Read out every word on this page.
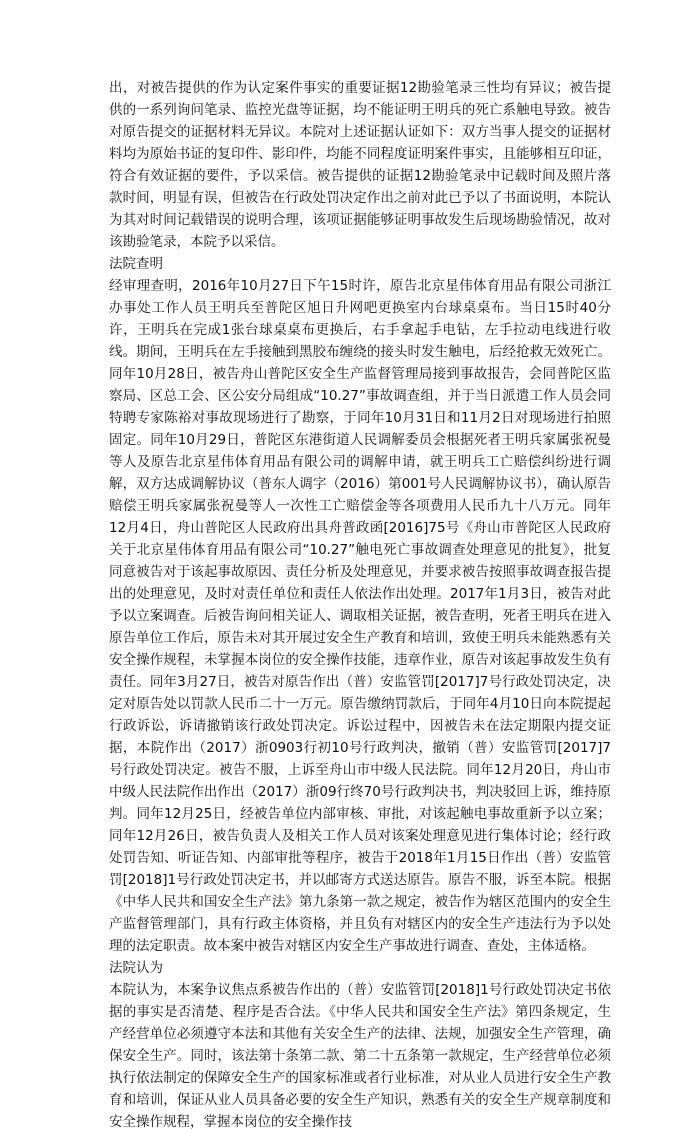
出，对被告提供的作为认定案件事实的重要证据12勘验笔录三性均有异议；被告提供的一系列询问笔录、监控光盘等证据，均不能证明王明兵的死亡系触电导致。被告对原告提交的证据材料无异议。本院对上述证据认证如下：双方当事人提交的证据材料均为原始书证的复印件、影印件，均能不同程度证明案件事实，且能够相互印证，符合有效证据的要件，予以采信。被告提供的证据12勘验笔录中记载时间及照片落款时间，明显有误，但被告在行政处罚决定作出之前对此已予以了书面说明，本院认为其对时间记载错误的说明合理，该项证据能够证明事故发生后现场勘验情况，故对该勘验笔录，本院予以采信。

法院查明

经审理查明，2016年10月27日下午15时许，原告北京星伟体育用品有限公司浙江办事处工作人员王明兵至普陀区旭日升网吧更换室内台球桌桌布。当日15时40分许，王明兵在完成1张台球桌桌布更换后，右手拿起手电钻，左手拉动电线进行收线。期间，王明兵在左手接触到黑胶布缠绕的接头时发生触电，后经抢救无效死亡。同年10月28日，被告舟山普陀区安全生产监督管理局接到事故报告，会同普陀区监察局、区总工会、区公安分局组成“10.27”事故调查组，并于当日派遣工作人员会同特聘专家陈裕对事故现场进行了勘察，于同年10月31日和11月2日对现场进行拍照固定。同年10月29日，普陀区东港街道人民调解委员会根据死者王明兵家属张祝曼等人及原告北京星伟体育用品有限公司的调解申请，就王明兵工亡赔偿纠纷进行调解，双方达成调解协议（普东人调字（2016）第001号人民调解协议书），确认原告赔偿王明兵家属张祝曼等人一次性工亡赔偿金等各项费用人民币九十八万元。同年12月4日，舟山普陀区人民政府出具舟普政函[2016]75号《舟山市普陀区人民政府关于北京星伟体育用品有限公司“10.27”触电死亡事故调查处理意见的批复》，批复同意被告对于该起事故原因、责任分析及处理意见，并要求被告按照事故调查报告提出的处理意见，及时对责任单位和责任人依法作出处理。2017年1月3日，被告对此予以立案调查。后被告询问相关证人、调取相关证据，被告查明，死者王明兵在进入原告单位工作后，原告未对其开展过安全生产教育和培训，致使王明兵未能熟悉有关安全操作规程，未掌握本岗位的安全操作技能，违章作业，原告对该起事故发生负有责任。同年3月27日，被告对原告作出（普）安监管罚[2017]7号行政处罚决定，决定对原告处以罚款人民币二十一万元。原告缴纳罚款后，于同年4月10日向本院提起行政诉讼，诉请撤销该行政处罚决定。诉讼过程中，因被告未在法定期限内提交证据，本院作出（2017）浙0903行初10号行政判决，撤销（普）安监管罚[2017]7号行政处罚决定。被告不服，上诉至舟山市中级人民法院。同年12月20日，舟山市中级人民法院作出作出（2017）浙09行终70号行政判决书，判决驳回上诉，维持原判。同年12月25日，经被告单位内部审核、审批，对该起触电事故重新予以立案；同年12月26日，被告负责人及相关工作人员对该案处理意见进行集体讨论；经行政处罚告知、听证告知、内部审批等程序，被告于2018年1月15日作出（普）安监管罚[2018]1号行政处罚决定书，并以邮寄方式送达原告。原告不服，诉至本院。根据《中华人民共和国安全生产法》第九条第一款之规定，被告作为辖区范围内的安全生产监督管理部门，具有行政主体资格，并且负有对辖区内的安全生产违法行为予以处理的法定职责。故本案中被告对辖区内安全生产事故进行调查、查处，主体适格。

法院认为

本院认为，本案争议焦点系被告作出的（普）安监管罚[2018]1号行政处罚决定书依据的事实是否清楚、程序是否合法。《中华人民共和国安全生产法》第四条规定，生产经营单位必须遵守本法和其他有关安全生产的法律、法规，加强安全生产管理，确保安全生产。同时，该法第十条第二款、第二十五条第一款规定，生产经营单位必须执行依法制定的保障安全生产的国家标准或者行业标准，对从业人员进行安全生产教育和培训，保证从业人员具备必要的安全生产知识，熟悉有关的安全生产规章制度和安全操作规程，掌握本岗位的安全操作技
